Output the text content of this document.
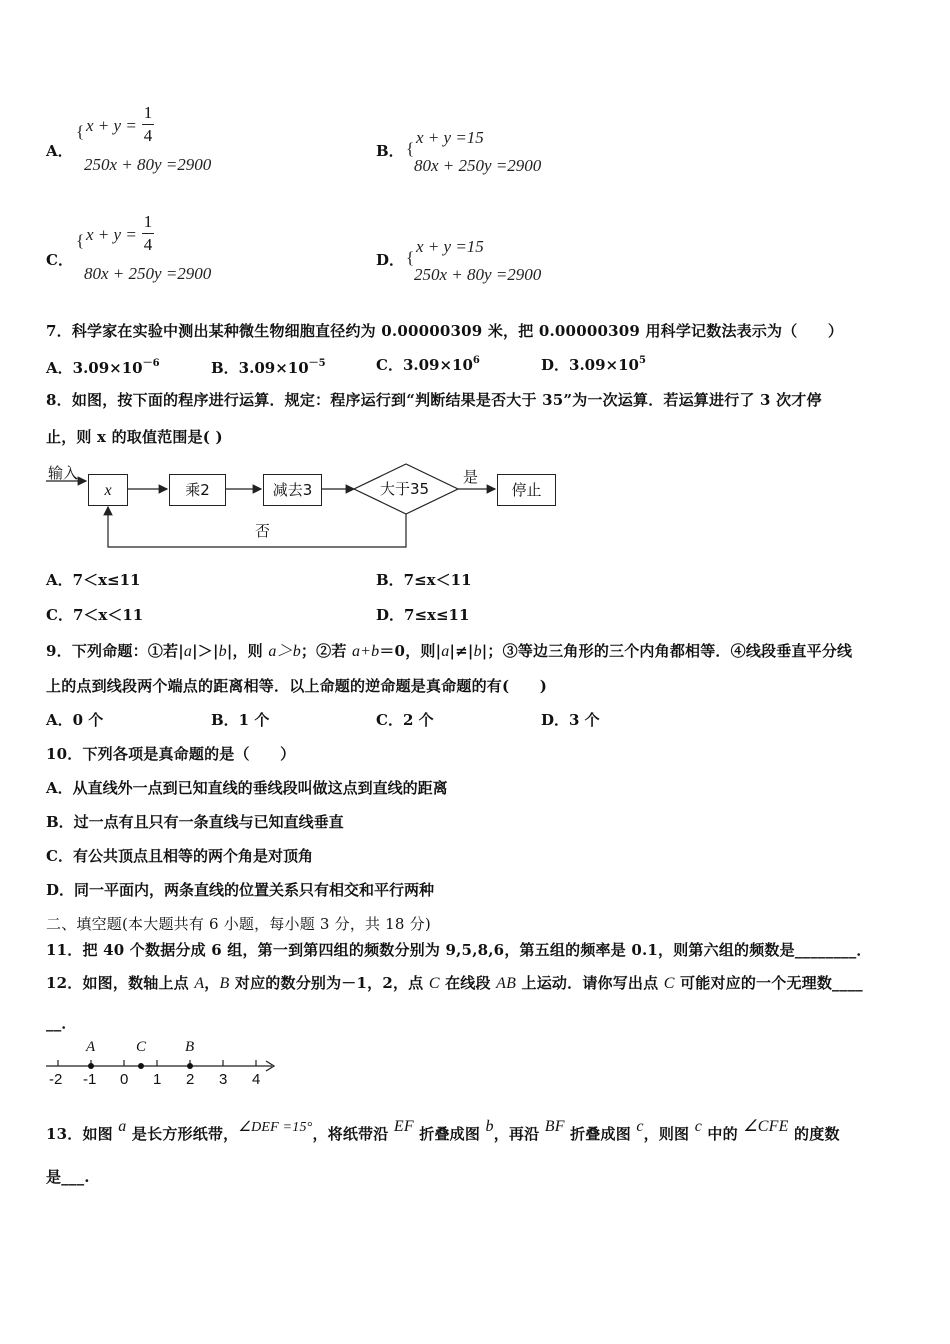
A．
{ x + y =
1
4
250x + 80y =2900
B． {
x + y =15
80x + 250y =2900
C．
{ x + y =
1
4
80x + 250y =2900
D． {
x + y =15
250x + 80y =2900
7．科学家在实验中测出某种微生物细胞直径约为 0.00000309 米，把 0.00000309 用科学记数法表示为（　　）
A．$3.09\times 10^{-6}$	B．$3.09\times 10^{-5}$	C．$3.09\times 10^6$	D．$3.09\times 10^5$
8．如图，按下面的程序进行运算．规定：程序运行到“判断结果是否大于 35”为一次运算．若运算进行了 3 次才停
止，则 x 的取值范围是( )
输入
x	乘2	减去3	大于35
是
停止
否
A．7＜x≤11	B．7≤x＜11
C．7＜x＜11	D．7≤x≤11
9．下列命题：①若|a|＞|b|，则 a＞b；②若 a+b＝0，则|a|≠|b|；③等边三角形的三个内角都相等．④线段垂直平分线
上的点到线段两个端点的距离相等．以上命题的逆命题是真命题的有(　　)
A．0 个	B．1 个	C．2 个	D．3 个
10．下列各项是真命题的是（　　）
A．从直线外一点到已知直线的垂线段叫做这点到直线的距离
B．过一点有且只有一条直线与已知直线垂直
C．有公共顶点且相等的两个角是对顶角
D．同一平面内，两条直线的位置关系只有相交和平行两种
二、填空题(本大题共有 6 小题，每小题 3 分，共 18 分)
11．把 40 个数据分成 6 组，第一到第四组的频数分别为 9,5,8,6，第五组的频率是 0.1，则第六组的频数是________．
12．如图，数轴上点 A，B 对应的数分别为－1，2，点 C 在线段 AB 上运动．请你写出点 C 可能对应的一个无理数____
__．
A	C	B
-2 -1 0 1 2 3 4
13．如图 a 是长方形纸带，∠DEF =15°，将纸带沿 EF 折叠成图 b，再沿 BF 折叠成图 c，则图 c 中的 ∠CFE 的度数
是___.
